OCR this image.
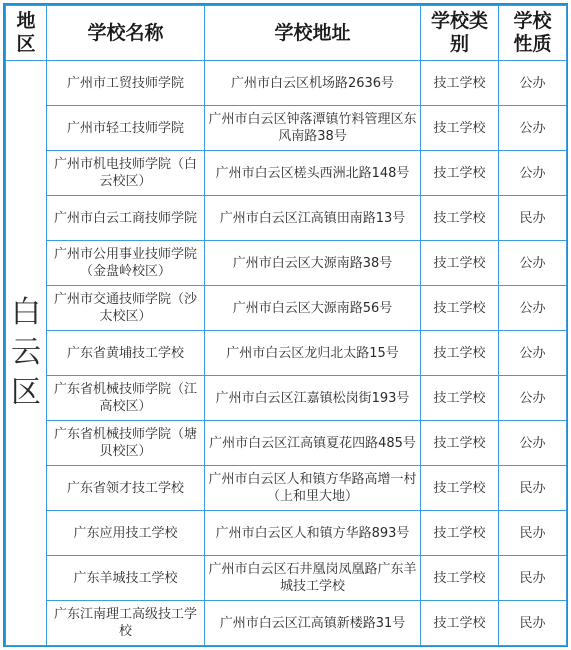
地区	学校名称	学校地址	学校类别	学校性质
白云区	广州市工贸技师学院	广州市白云区机场路2636号	技工学校	公办
	广州市轻工技师学院	广州市白云区钟落潭镇竹料管理区东风南路38号	技工学校	公办
	广州市机电技师学院（白云校区）	广州市白云区槎头西洲北路148号	技工学校	公办
	广州市白云工商技师学院	广州市白云区江高镇田南路13号	技工学校	民办
	广州市公用事业技师学院（金盘岭校区）	广州市白云区大源南路38号	技工学校	公办
	广州市交通技师学院（沙太校区）	广州市白云区大源南路56号	技工学校	公办
	广东省黄埔技工学校	广州市白云区龙归北太路15号	技工学校	公办
	广东省机械技师学院（江高校区）	广州市白云区江嘉镇松岗街193号	技工学校	公办
	广东省机械技师学院（塘贝校区）	广州市白云区江高镇夏花四路485号	技工学校	公办
	广东省领才技工学校	广州市白云区人和镇方华路高增一村（上和里大地）	技工学校	民办
	广东应用技工学校	广州市白云区人和镇方华路893号	技工学校	民办
	广东羊城技工学校	广州市白云区石井凰岗凤凰路广东羊城技工学校	技工学校	民办
	广东江南理工高级技工学校	广州市白云区江高镇新楼路31号	技工学校	民办
